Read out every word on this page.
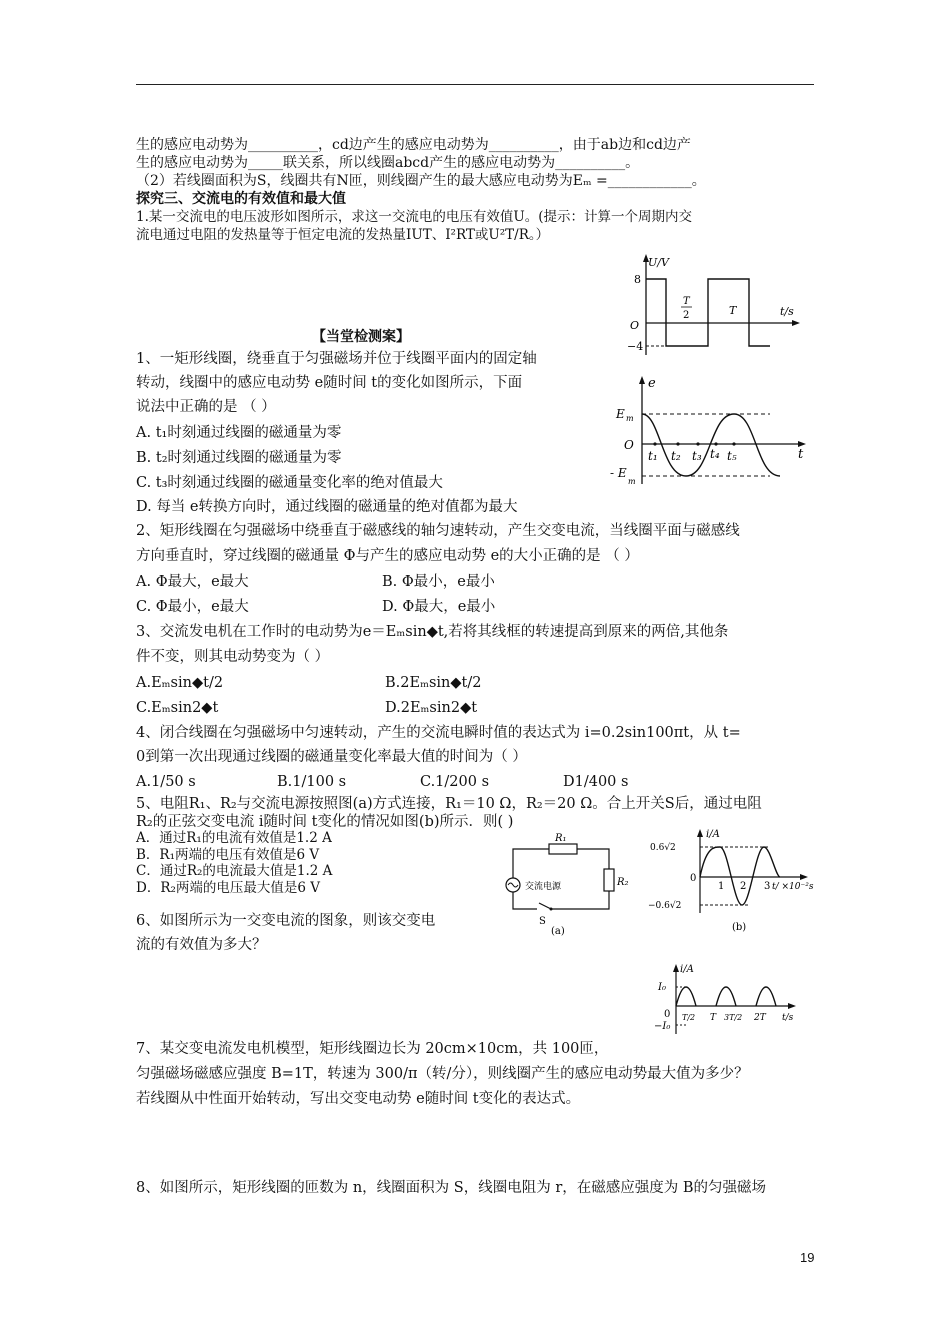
生的感应电动势为__________，cd边产生的感应电动势为__________，由于ab边和cd边产
生的感应电动势为_____联关系，所以线圈abcd产生的感应电动势为__________。
（2）若线圈面积为S，线圈共有N匝，则线圈产生的最大感应电动势为Eₘ =____________。
探究三、交流电的有效值和最大值
1.某一交流电的电压波形如图所示，求这一交流电的电压有效值U。(提示：计算一个周期内交
流电通过电阻的发热量等于恒定电流的发热量IUT、I²RT或U²T/R。）
U/V
t/s
8
−4
O
T
2	T
【当堂检测案】
1、一矩形线圈，绕垂直于匀强磁场并位于线圈平面内的固定轴
转动，线圈中的感应电动势 e随时间 t的变化如图所示，下面
说法中正确的是 （ ）
A. t₁时刻通过线圈的磁通量为零
B. t₂时刻通过线圈的磁通量为零
C. t₃时刻通过线圈的磁通量变化率的绝对值最大
D. 每当 e转换方向时，通过线圈的磁通量的绝对值都为最大
e
t
E m
- E
m
O
t₁ t₂ t₃ t₄ t₅
2、矩形线圈在匀强磁场中绕垂直于磁感线的轴匀速转动，产生交变电流，当线圈平面与磁感线
方向垂直时，穿过线圈的磁通量 Φ与产生的感应电动势 e的大小正确的是 （ ）
A. Φ最大，e最大	B. Φ最小，e最小
C. Φ最小，e最大	D. Φ最大，e最小
3、交流发电机在工作时的电动势为e＝Eₘsin◆t,若将其线框的转速提高到原来的两倍,其他条
件不变，则其电动势变为（ ）
A.Eₘsin◆t/2	B.2Eₘsin◆t/2
C.Eₘsin2◆t	D.2Eₘsin2◆t
4、闭合线圈在匀强磁场中匀速转动，产生的交流电瞬时值的表达式为 i=0.2sin100πt，从 t=
0到第一次出现通过线圈的磁通量变化率最大值的时间为（ ）
A.1/50 s	B.1/100 s	C.1/200 s	D1/400 s
5、电阻R₁、R₂与交流电源按照图(a)方式连接，R₁＝10 Ω，R₂＝20 Ω。合上开关S后，通过电阻
R₂的正弦交变电流 i随时间 t变化的情况如图(b)所示．则( )
A．通过R₁的电流有效值是1.2 A
B．R₁两端的电压有效值是6 V
C．通过R₂的电流最大值是1.2 A
D．R₂两端的电压最大值是6 V
R₁
R₂
交流电源
S
(a)
i/A
0.6√2
−0.6√2
0
1 2 3 t/ ×10⁻²s
(b)
6、如图所示为一交变电流的图象，则该交变电
流的有效值为多大？
i/A
I₀
−I₀
0 T/2 T 3T/2 2T t/s
7、某交变电流发电机模型，矩形线圈边长为 20cm×10cm，共 100匝，
匀强磁场磁感应强度 B=1T，转速为 300/π（转/分），则线圈产生的感应电动势最大值为多少？
若线圈从中性面开始转动，写出交变电动势 e随时间 t变化的表达式。
8、如图所示，矩形线圈的匝数为 n，线圈面积为 S，线圈电阻为 r，在磁感应强度为 B的匀强磁场
19
